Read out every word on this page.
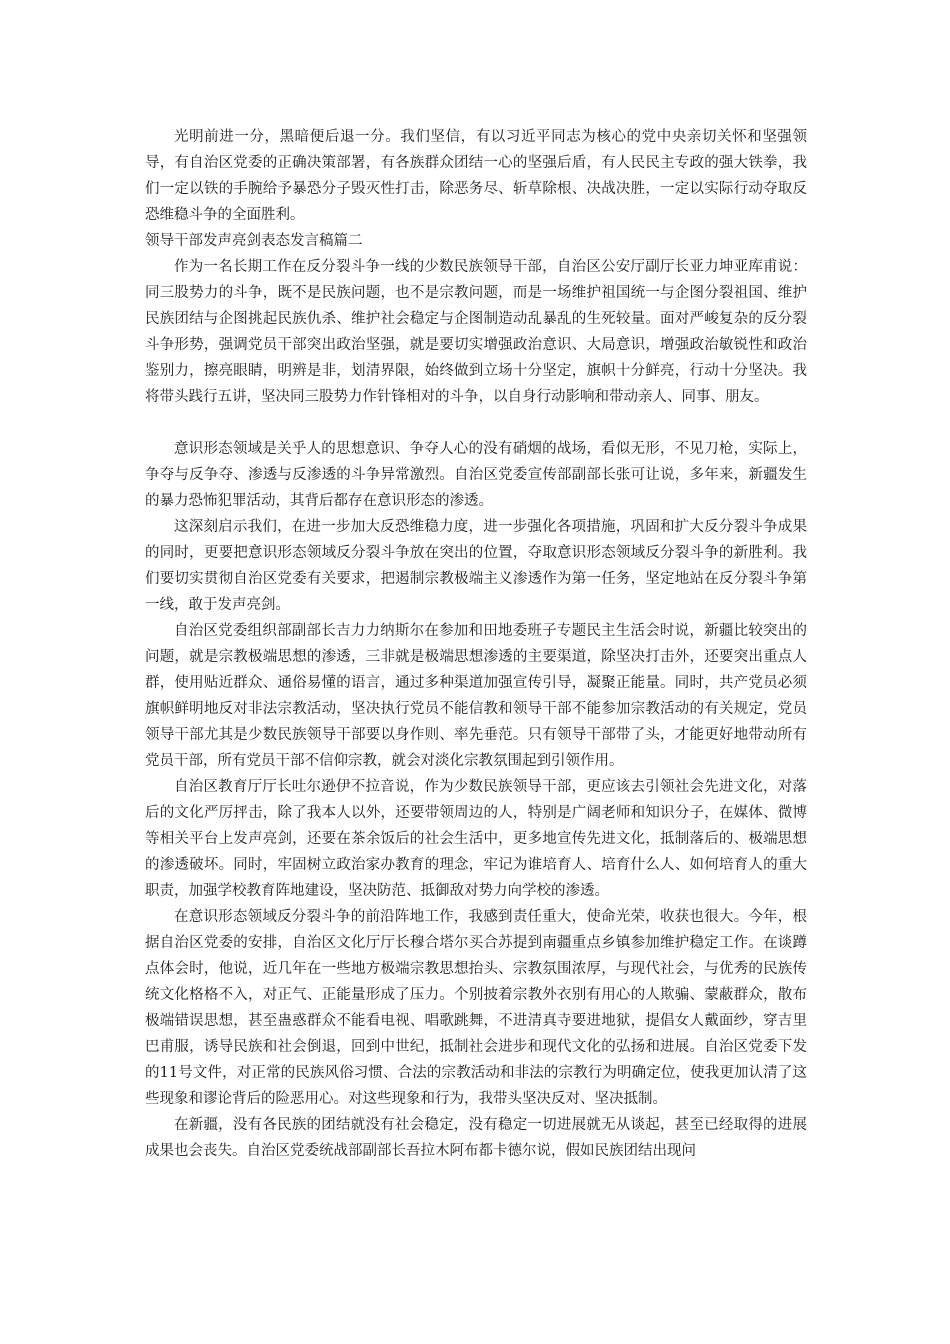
光明前进一分，黑暗便后退一分。我们坚信，有以习近平同志为核心的党中央亲切关怀和坚强领导，有自治区党委的正确决策部署，有各族群众团结一心的坚强后盾，有人民民主专政的强大铁拳，我们一定以铁的手腕给予暴恐分子毁灭性打击，除恶务尽、斩草除根、决战决胜，一定以实际行动夺取反恐维稳斗争的全面胜利。

领导干部发声亮剑表态发言稿篇二

作为一名长期工作在反分裂斗争一线的少数民族领导干部，自治区公安厅副厅长亚力坤亚库甫说：同三股势力的斗争，既不是民族问题，也不是宗教问题，而是一场维护祖国统一与企图分裂祖国、维护民族团结与企图挑起民族仇杀、维护社会稳定与企图制造动乱暴乱的生死较量。面对严峻复杂的反分裂斗争形势，强调党员干部突出政治坚强，就是要切实增强政治意识、大局意识，增强政治敏锐性和政治鉴别力，擦亮眼睛，明辨是非，划清界限，始终做到立场十分坚定，旗帜十分鲜亮，行动十分坚决。我将带头践行五讲，坚决同三股势力作针锋相对的斗争，以自身行动影响和带动亲人、同事、朋友。

意识形态领域是关乎人的思想意识、争夺人心的没有硝烟的战场，看似无形，不见刀枪，实际上，争夺与反争夺、渗透与反渗透的斗争异常激烈。自治区党委宣传部副部长张可让说，多年来，新疆发生的暴力恐怖犯罪活动，其背后都存在意识形态的渗透。

这深刻启示我们，在进一步加大反恐维稳力度，进一步强化各项措施，巩固和扩大反分裂斗争成果的同时，更要把意识形态领域反分裂斗争放在突出的位置，夺取意识形态领域反分裂斗争的新胜利。我们要切实贯彻自治区党委有关要求，把遏制宗教极端主义渗透作为第一任务，坚定地站在反分裂斗争第一线，敢于发声亮剑。

自治区党委组织部副部长吉力力纳斯尔在参加和田地委班子专题民主生活会时说，新疆比较突出的问题，就是宗教极端思想的渗透，三非就是极端思想渗透的主要渠道，除坚决打击外，还要突出重点人群，使用贴近群众、通俗易懂的语言，通过多种渠道加强宣传引导，凝聚正能量。同时，共产党员必须旗帜鲜明地反对非法宗教活动，坚决执行党员不能信教和领导干部不能参加宗教活动的有关规定，党员领导干部尤其是少数民族领导干部要以身作则、率先垂范。只有领导干部带了头，才能更好地带动所有党员干部，所有党员干部不信仰宗教，就会对淡化宗教氛围起到引领作用。

自治区教育厅厅长吐尔逊伊不拉音说，作为少数民族领导干部，更应该去引领社会先进文化，对落后的文化严厉抨击，除了我本人以外，还要带领周边的人，特别是广阔老师和知识分子，在媒体、微博等相关平台上发声亮剑，还要在茶余饭后的社会生活中，更多地宣传先进文化，抵制落后的、极端思想的渗透破坏。同时，牢固树立政治家办教育的理念，牢记为谁培育人、培育什么人、如何培育人的重大职责，加强学校教育阵地建设，坚决防范、抵御敌对势力向学校的渗透。

在意识形态领域反分裂斗争的前沿阵地工作，我感到责任重大，使命光荣，收获也很大。今年，根据自治区党委的安排，自治区文化厅厅长穆合塔尔买合苏提到南疆重点乡镇参加维护稳定工作。在谈蹲点体会时，他说，近几年在一些地方极端宗教思想抬头、宗教氛围浓厚，与现代社会，与优秀的民族传统文化格格不入，对正气、正能量形成了压力。个别披着宗教外衣别有用心的人欺骗、蒙蔽群众，散布极端错误思想，甚至蛊惑群众不能看电视、唱歌跳舞，不进清真寺要进地狱，提倡女人戴面纱，穿吉里巴甫服，诱导民族和社会倒退，回到中世纪，抵制社会进步和现代文化的弘扬和进展。自治区党委下发的11号文件，对正常的民族风俗习惯、合法的宗教活动和非法的宗教行为明确定位，使我更加认清了这些现象和谬论背后的险恶用心。对这些现象和行为，我带头坚决反对、坚决抵制。

在新疆，没有各民族的团结就没有社会稳定，没有稳定一切进展就无从谈起，甚至已经取得的进展成果也会丧失。自治区党委统战部副部长吾拉木阿布都卡德尔说，假如民族团结出现问
